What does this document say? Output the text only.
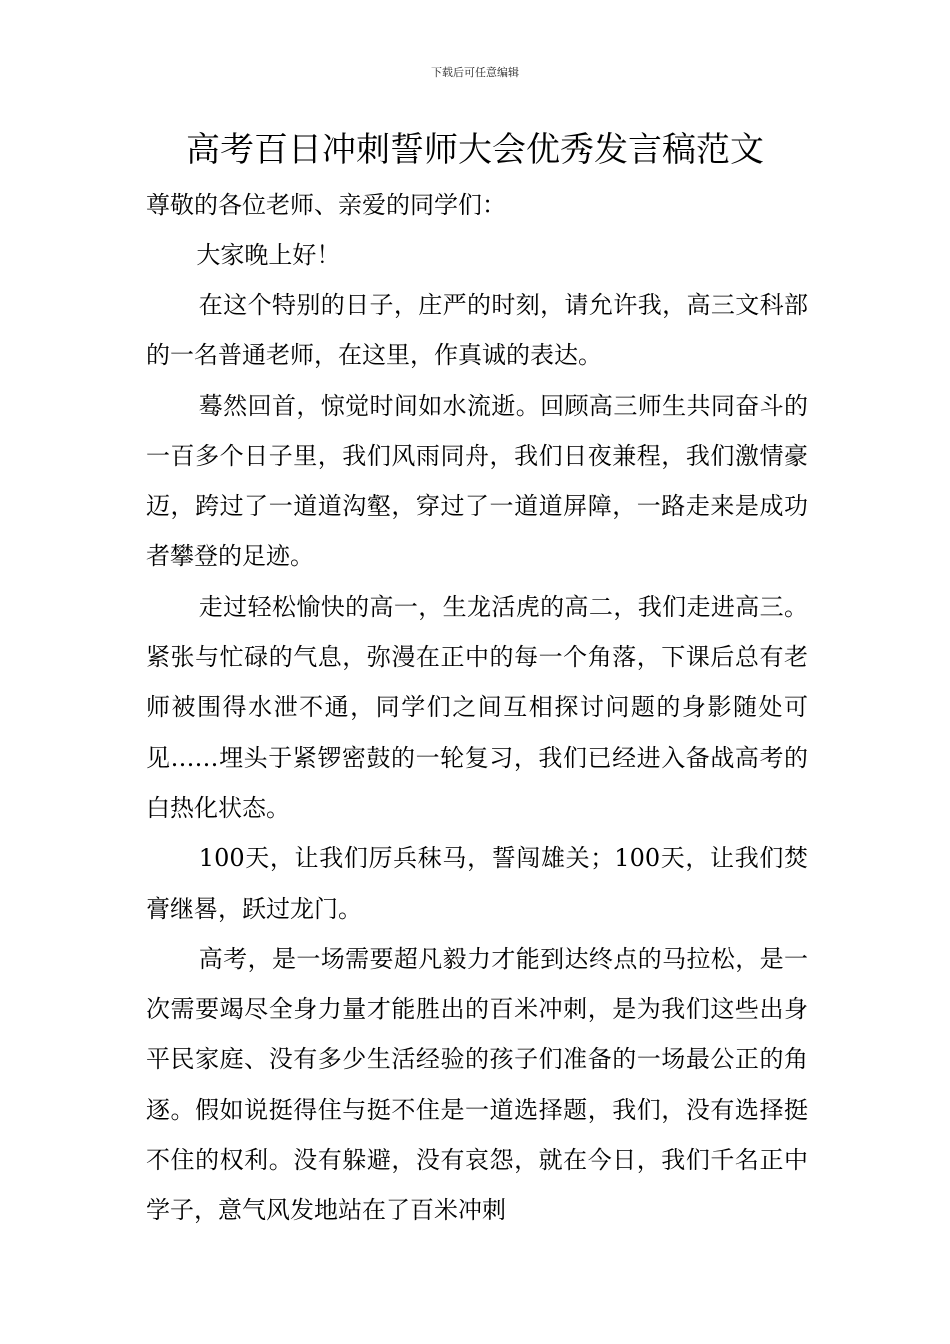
下载后可任意编辑
高考百日冲刺誓师大会优秀发言稿范文

尊敬的各位老师、亲爱的同学们：

大家晚上好！

在这个特别的日子，庄严的时刻，请允许我，高三文科部的一名普通老师，在这里，作真诚的表达。

蓦然回首，惊觉时间如水流逝。回顾高三师生共同奋斗的一百多个日子里，我们风雨同舟，我们日夜兼程，我们激情豪迈，跨过了一道道沟壑，穿过了一道道屏障，一路走来是成功者攀登的足迹。

走过轻松愉快的高一，生龙活虎的高二，我们走进高三。紧张与忙碌的气息，弥漫在正中的每一个角落，下课后总有老师被围得水泄不通，同学们之间互相探讨问题的身影随处可见……埋头于紧锣密鼓的一轮复习，我们已经进入备战高考的白热化状态。

100天，让我们厉兵秣马，誓闯雄关；100天，让我们焚膏继晷，跃过龙门。

高考，是一场需要超凡毅力才能到达终点的马拉松，是一次需要竭尽全身力量才能胜出的百米冲刺，是为我们这些出身平民家庭、没有多少生活经验的孩子们准备的一场最公正的角逐。假如说挺得住与挺不住是一道选择题，我们，没有选择挺不住的权利。没有躲避，没有哀怨，就在今日，我们千名正中学子，意气风发地站在了百米冲刺
